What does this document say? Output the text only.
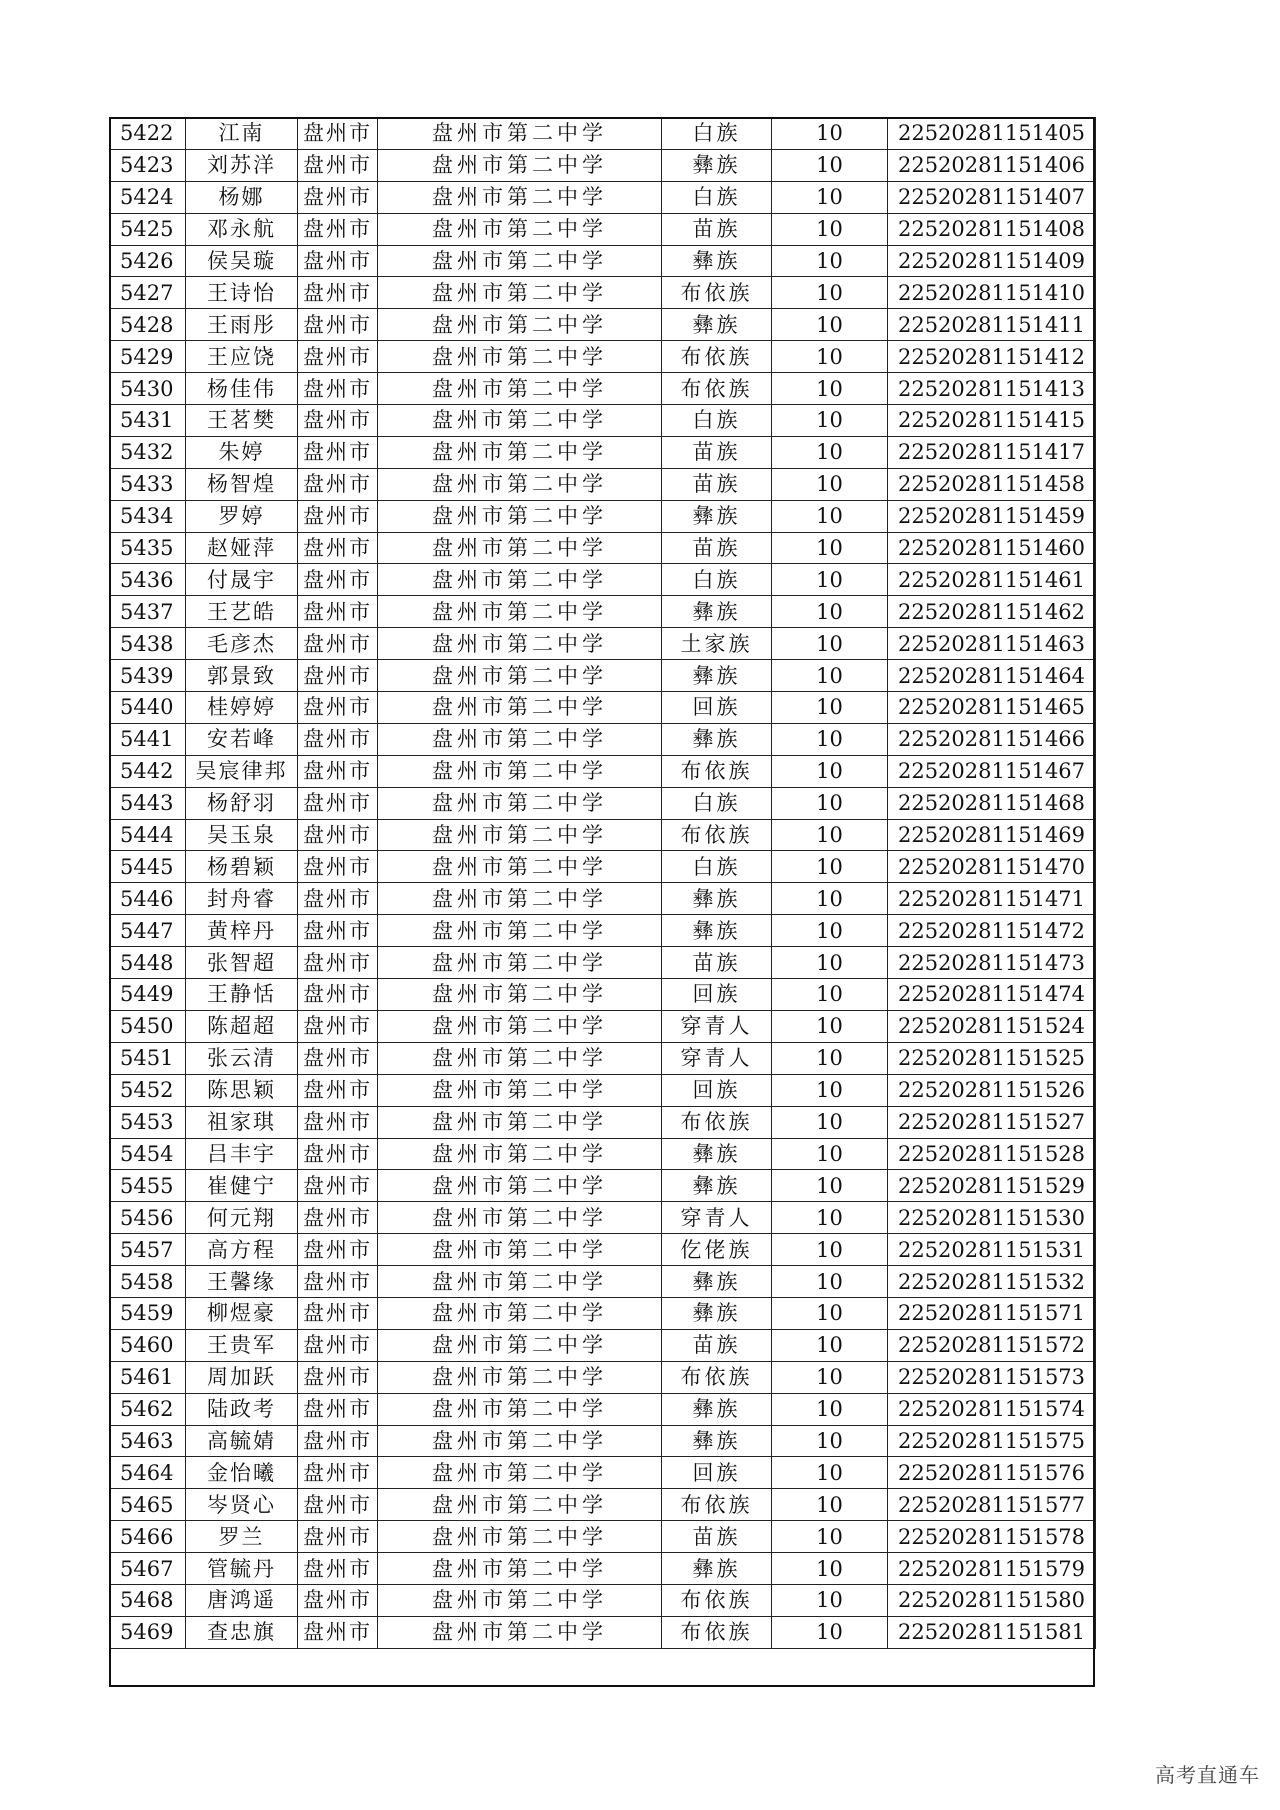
5422	江南	盘州市	盘州市第二中学	白族	10	22520281151405
5423	刘苏洋	盘州市	盘州市第二中学	彝族	10	22520281151406
5424	杨娜	盘州市	盘州市第二中学	白族	10	22520281151407
5425	邓永航	盘州市	盘州市第二中学	苗族	10	22520281151408
5426	侯吴璇	盘州市	盘州市第二中学	彝族	10	22520281151409
5427	王诗怡	盘州市	盘州市第二中学	布依族	10	22520281151410
5428	王雨彤	盘州市	盘州市第二中学	彝族	10	22520281151411
5429	王应饶	盘州市	盘州市第二中学	布依族	10	22520281151412
5430	杨佳伟	盘州市	盘州市第二中学	布依族	10	22520281151413
5431	王茗樊	盘州市	盘州市第二中学	白族	10	22520281151415
5432	朱婷	盘州市	盘州市第二中学	苗族	10	22520281151417
5433	杨智煌	盘州市	盘州市第二中学	苗族	10	22520281151458
5434	罗婷	盘州市	盘州市第二中学	彝族	10	22520281151459
5435	赵娅萍	盘州市	盘州市第二中学	苗族	10	22520281151460
5436	付晟宇	盘州市	盘州市第二中学	白族	10	22520281151461
5437	王艺皓	盘州市	盘州市第二中学	彝族	10	22520281151462
5438	毛彦杰	盘州市	盘州市第二中学	土家族	10	22520281151463
5439	郭景致	盘州市	盘州市第二中学	彝族	10	22520281151464
5440	桂婷婷	盘州市	盘州市第二中学	回族	10	22520281151465
5441	安若峰	盘州市	盘州市第二中学	彝族	10	22520281151466
5442	吴宸律邦	盘州市	盘州市第二中学	布依族	10	22520281151467
5443	杨舒羽	盘州市	盘州市第二中学	白族	10	22520281151468
5444	吴玉泉	盘州市	盘州市第二中学	布依族	10	22520281151469
5445	杨碧颖	盘州市	盘州市第二中学	白族	10	22520281151470
5446	封舟睿	盘州市	盘州市第二中学	彝族	10	22520281151471
5447	黄梓丹	盘州市	盘州市第二中学	彝族	10	22520281151472
5448	张智超	盘州市	盘州市第二中学	苗族	10	22520281151473
5449	王静恬	盘州市	盘州市第二中学	回族	10	22520281151474
5450	陈超超	盘州市	盘州市第二中学	穿青人	10	22520281151524
5451	张云清	盘州市	盘州市第二中学	穿青人	10	22520281151525
5452	陈思颖	盘州市	盘州市第二中学	回族	10	22520281151526
5453	祖家琪	盘州市	盘州市第二中学	布依族	10	22520281151527
5454	吕丰宇	盘州市	盘州市第二中学	彝族	10	22520281151528
5455	崔健宁	盘州市	盘州市第二中学	彝族	10	22520281151529
5456	何元翔	盘州市	盘州市第二中学	穿青人	10	22520281151530
5457	高方程	盘州市	盘州市第二中学	仡佬族	10	22520281151531
5458	王馨缘	盘州市	盘州市第二中学	彝族	10	22520281151532
5459	柳煜豪	盘州市	盘州市第二中学	彝族	10	22520281151571
5460	王贵军	盘州市	盘州市第二中学	苗族	10	22520281151572
5461	周加跃	盘州市	盘州市第二中学	布依族	10	22520281151573
5462	陆政考	盘州市	盘州市第二中学	彝族	10	22520281151574
5463	高毓婧	盘州市	盘州市第二中学	彝族	10	22520281151575
5464	金怡曦	盘州市	盘州市第二中学	回族	10	22520281151576
5465	岑贤心	盘州市	盘州市第二中学	布依族	10	22520281151577
5466	罗兰	盘州市	盘州市第二中学	苗族	10	22520281151578
5467	管毓丹	盘州市	盘州市第二中学	彝族	10	22520281151579
5468	唐鸿遥	盘州市	盘州市第二中学	布依族	10	22520281151580
5469	查忠旗	盘州市	盘州市第二中学	布依族	10	22520281151581
高考直通车
